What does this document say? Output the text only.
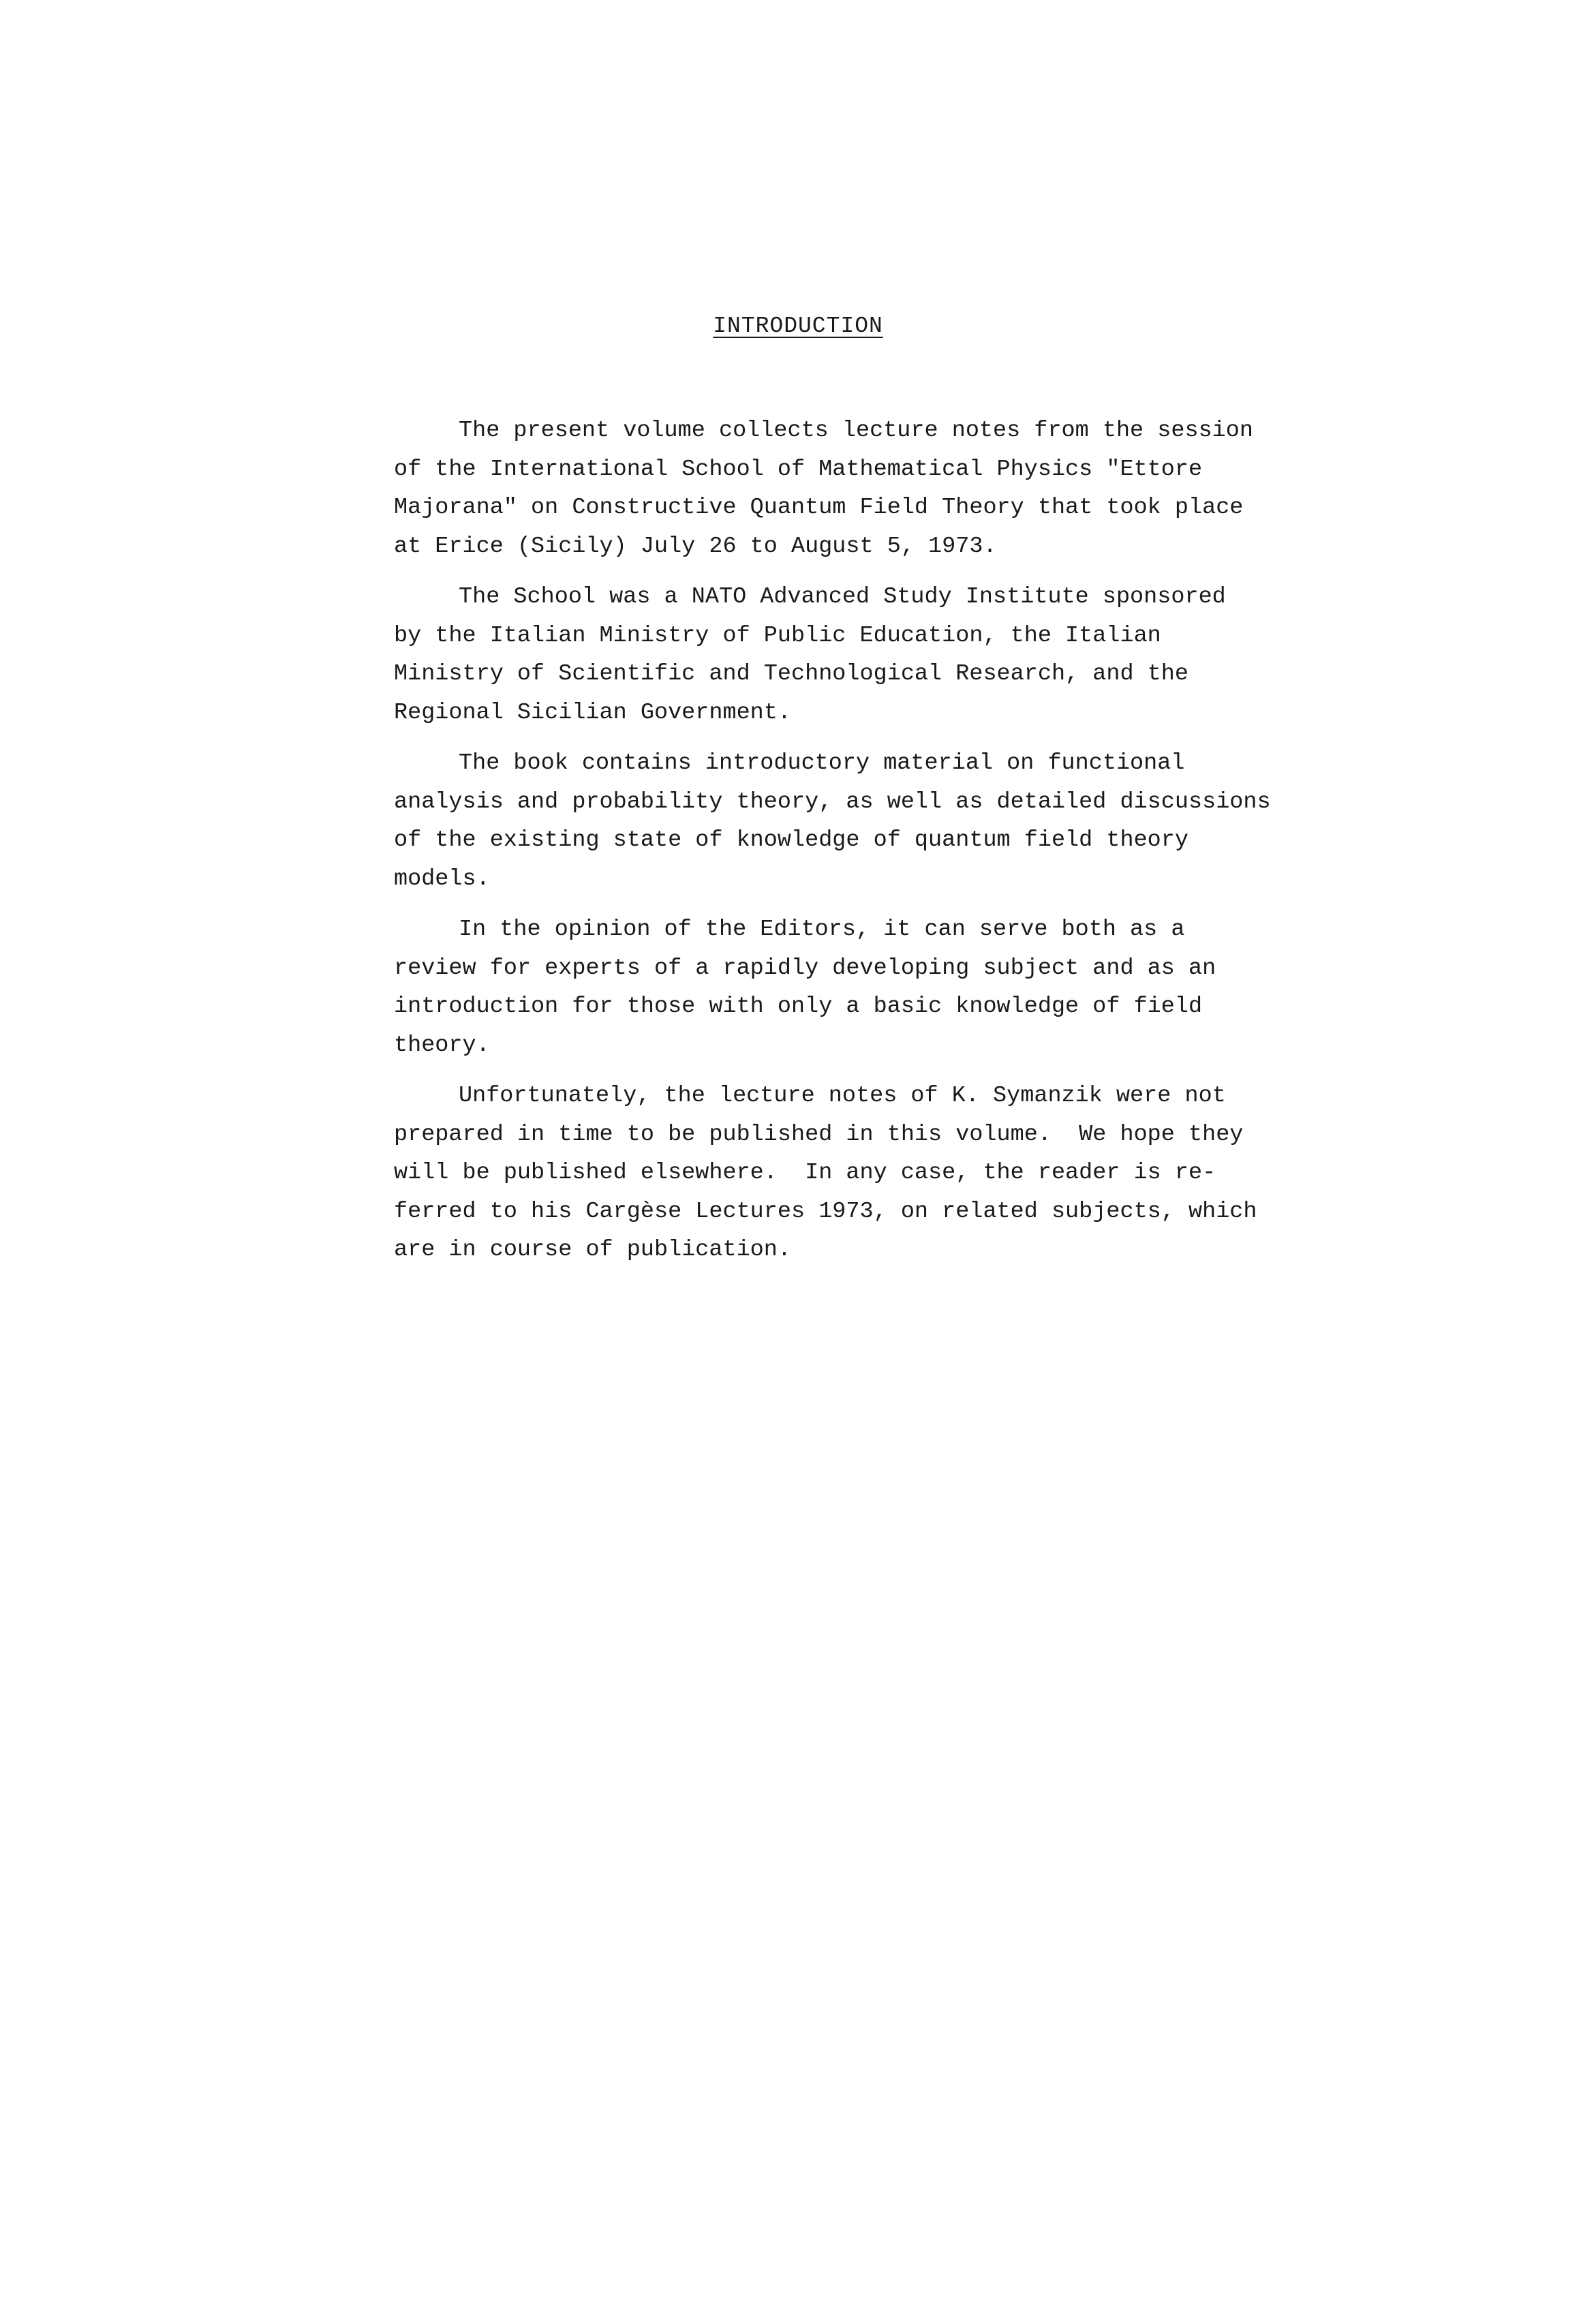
INTRODUCTION
The present volume collects lecture notes from the session
of the International School of Mathematical Physics "Ettore
Majorana" on Constructive Quantum Field Theory that took place
at Erice (Sicily) July 26 to August 5, 1973.
The School was a NATO Advanced Study Institute sponsored
by the Italian Ministry of Public Education, the Italian
Ministry of Scientific and Technological Research, and the
Regional Sicilian Government.
The book contains introductory material on functional
analysis and probability theory, as well as detailed discussions
of the existing state of knowledge of quantum field theory
models.
In the opinion of the Editors, it can serve both as a
review for experts of a rapidly developing subject and as an
introduction for those with only a basic knowledge of field
theory.
Unfortunately, the lecture notes of K. Symanzik were not
prepared in time to be published in this volume.  We hope they
will be published elsewhere.  In any case, the reader is re-
ferred to his Cargèse Lectures 1973, on related subjects, which
are in course of publication.
